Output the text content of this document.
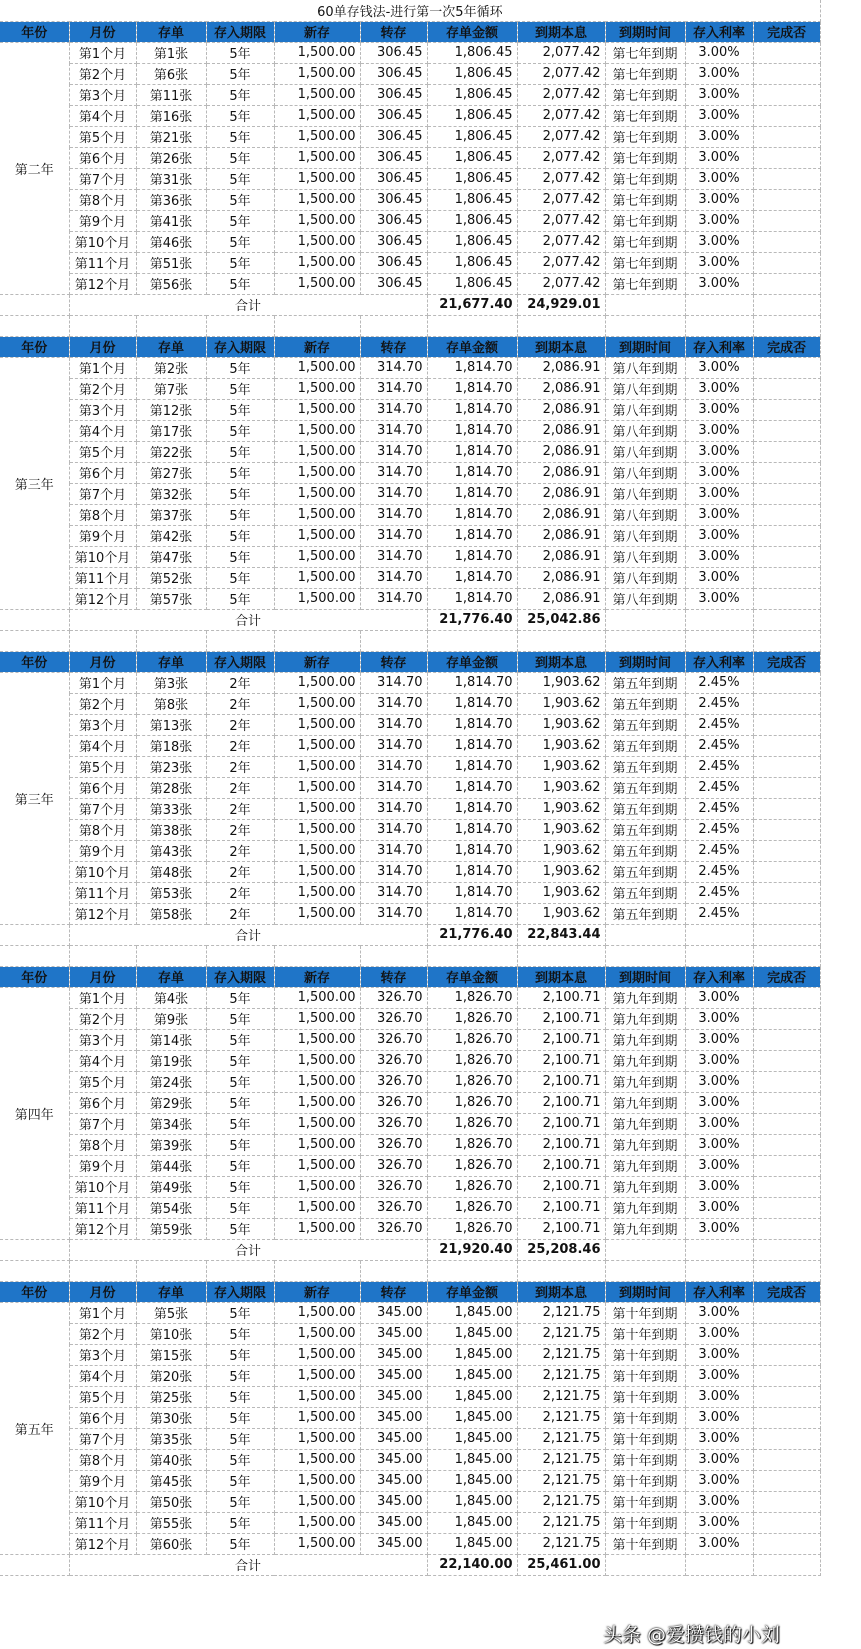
60单存钱法-进行第一次5年循环										
年份	月份	存单	存入期限	新存	转存	存单金额	到期本息	到期时间	存入利率	完成否
第二年	第1个月	第1张	5年	1,500.00	306.45	1,806.45	2,077.42	第七年到期	3.00%	
	第2个月	第6张	5年	1,500.00	306.45	1,806.45	2,077.42	第七年到期	3.00%	
	第3个月	第11张	5年	1,500.00	306.45	1,806.45	2,077.42	第七年到期	3.00%	
	第4个月	第16张	5年	1,500.00	306.45	1,806.45	2,077.42	第七年到期	3.00%	
	第5个月	第21张	5年	1,500.00	306.45	1,806.45	2,077.42	第七年到期	3.00%	
	第6个月	第26张	5年	1,500.00	306.45	1,806.45	2,077.42	第七年到期	3.00%	
	第7个月	第31张	5年	1,500.00	306.45	1,806.45	2,077.42	第七年到期	3.00%	
	第8个月	第36张	5年	1,500.00	306.45	1,806.45	2,077.42	第七年到期	3.00%	
	第9个月	第41张	5年	1,500.00	306.45	1,806.45	2,077.42	第七年到期	3.00%	
	第10个月	第46张	5年	1,500.00	306.45	1,806.45	2,077.42	第七年到期	3.00%	
	第11个月	第51张	5年	1,500.00	306.45	1,806.45	2,077.42	第七年到期	3.00%	
	第12个月	第56张	5年	1,500.00	306.45	1,806.45	2,077.42	第七年到期	3.00%	
	合计					21,677.40	24,929.01			

年份	月份	存单	存入期限	新存	转存	存单金额	到期本息	到期时间	存入利率	完成否
第三年	第1个月	第2张	5年	1,500.00	314.70	1,814.70	2,086.91	第八年到期	3.00%	
	第2个月	第7张	5年	1,500.00	314.70	1,814.70	2,086.91	第八年到期	3.00%	
	第3个月	第12张	5年	1,500.00	314.70	1,814.70	2,086.91	第八年到期	3.00%	
	第4个月	第17张	5年	1,500.00	314.70	1,814.70	2,086.91	第八年到期	3.00%	
	第5个月	第22张	5年	1,500.00	314.70	1,814.70	2,086.91	第八年到期	3.00%	
	第6个月	第27张	5年	1,500.00	314.70	1,814.70	2,086.91	第八年到期	3.00%	
	第7个月	第32张	5年	1,500.00	314.70	1,814.70	2,086.91	第八年到期	3.00%	
	第8个月	第37张	5年	1,500.00	314.70	1,814.70	2,086.91	第八年到期	3.00%	
	第9个月	第42张	5年	1,500.00	314.70	1,814.70	2,086.91	第八年到期	3.00%	
	第10个月	第47张	5年	1,500.00	314.70	1,814.70	2,086.91	第八年到期	3.00%	
	第11个月	第52张	5年	1,500.00	314.70	1,814.70	2,086.91	第八年到期	3.00%	
	第12个月	第57张	5年	1,500.00	314.70	1,814.70	2,086.91	第八年到期	3.00%	
	合计					21,776.40	25,042.86			

年份	月份	存单	存入期限	新存	转存	存单金额	到期本息	到期时间	存入利率	完成否
第三年	第1个月	第3张	2年	1,500.00	314.70	1,814.70	1,903.62	第五年到期	2.45%	
	第2个月	第8张	2年	1,500.00	314.70	1,814.70	1,903.62	第五年到期	2.45%	
	第3个月	第13张	2年	1,500.00	314.70	1,814.70	1,903.62	第五年到期	2.45%	
	第4个月	第18张	2年	1,500.00	314.70	1,814.70	1,903.62	第五年到期	2.45%	
	第5个月	第23张	2年	1,500.00	314.70	1,814.70	1,903.62	第五年到期	2.45%	
	第6个月	第28张	2年	1,500.00	314.70	1,814.70	1,903.62	第五年到期	2.45%	
	第7个月	第33张	2年	1,500.00	314.70	1,814.70	1,903.62	第五年到期	2.45%	
	第8个月	第38张	2年	1,500.00	314.70	1,814.70	1,903.62	第五年到期	2.45%	
	第9个月	第43张	2年	1,500.00	314.70	1,814.70	1,903.62	第五年到期	2.45%	
	第10个月	第48张	2年	1,500.00	314.70	1,814.70	1,903.62	第五年到期	2.45%	
	第11个月	第53张	2年	1,500.00	314.70	1,814.70	1,903.62	第五年到期	2.45%	
	第12个月	第58张	2年	1,500.00	314.70	1,814.70	1,903.62	第五年到期	2.45%	
	合计					21,776.40	22,843.44			

年份	月份	存单	存入期限	新存	转存	存单金额	到期本息	到期时间	存入利率	完成否
第四年	第1个月	第4张	5年	1,500.00	326.70	1,826.70	2,100.71	第九年到期	3.00%	
	第2个月	第9张	5年	1,500.00	326.70	1,826.70	2,100.71	第九年到期	3.00%	
	第3个月	第14张	5年	1,500.00	326.70	1,826.70	2,100.71	第九年到期	3.00%	
	第4个月	第19张	5年	1,500.00	326.70	1,826.70	2,100.71	第九年到期	3.00%	
	第5个月	第24张	5年	1,500.00	326.70	1,826.70	2,100.71	第九年到期	3.00%	
	第6个月	第29张	5年	1,500.00	326.70	1,826.70	2,100.71	第九年到期	3.00%	
	第7个月	第34张	5年	1,500.00	326.70	1,826.70	2,100.71	第九年到期	3.00%	
	第8个月	第39张	5年	1,500.00	326.70	1,826.70	2,100.71	第九年到期	3.00%	
	第9个月	第44张	5年	1,500.00	326.70	1,826.70	2,100.71	第九年到期	3.00%	
	第10个月	第49张	5年	1,500.00	326.70	1,826.70	2,100.71	第九年到期	3.00%	
	第11个月	第54张	5年	1,500.00	326.70	1,826.70	2,100.71	第九年到期	3.00%	
	第12个月	第59张	5年	1,500.00	326.70	1,826.70	2,100.71	第九年到期	3.00%	
	合计					21,920.40	25,208.46			

年份	月份	存单	存入期限	新存	转存	存单金额	到期本息	到期时间	存入利率	完成否
第五年	第1个月	第5张	5年	1,500.00	345.00	1,845.00	2,121.75	第十年到期	3.00%	
	第2个月	第10张	5年	1,500.00	345.00	1,845.00	2,121.75	第十年到期	3.00%	
	第3个月	第15张	5年	1,500.00	345.00	1,845.00	2,121.75	第十年到期	3.00%	
	第4个月	第20张	5年	1,500.00	345.00	1,845.00	2,121.75	第十年到期	3.00%	
	第5个月	第25张	5年	1,500.00	345.00	1,845.00	2,121.75	第十年到期	3.00%	
	第6个月	第30张	5年	1,500.00	345.00	1,845.00	2,121.75	第十年到期	3.00%	
	第7个月	第35张	5年	1,500.00	345.00	1,845.00	2,121.75	第十年到期	3.00%	
	第8个月	第40张	5年	1,500.00	345.00	1,845.00	2,121.75	第十年到期	3.00%	
	第9个月	第45张	5年	1,500.00	345.00	1,845.00	2,121.75	第十年到期	3.00%	
	第10个月	第50张	5年	1,500.00	345.00	1,845.00	2,121.75	第十年到期	3.00%	
	第11个月	第55张	5年	1,500.00	345.00	1,845.00	2,121.75	第十年到期	3.00%	
	第12个月	第60张	5年	1,500.00	345.00	1,845.00	2,121.75	第十年到期	3.00%	
	合计					22,140.00	25,461.00			
头条 @爱攒钱的小刘
